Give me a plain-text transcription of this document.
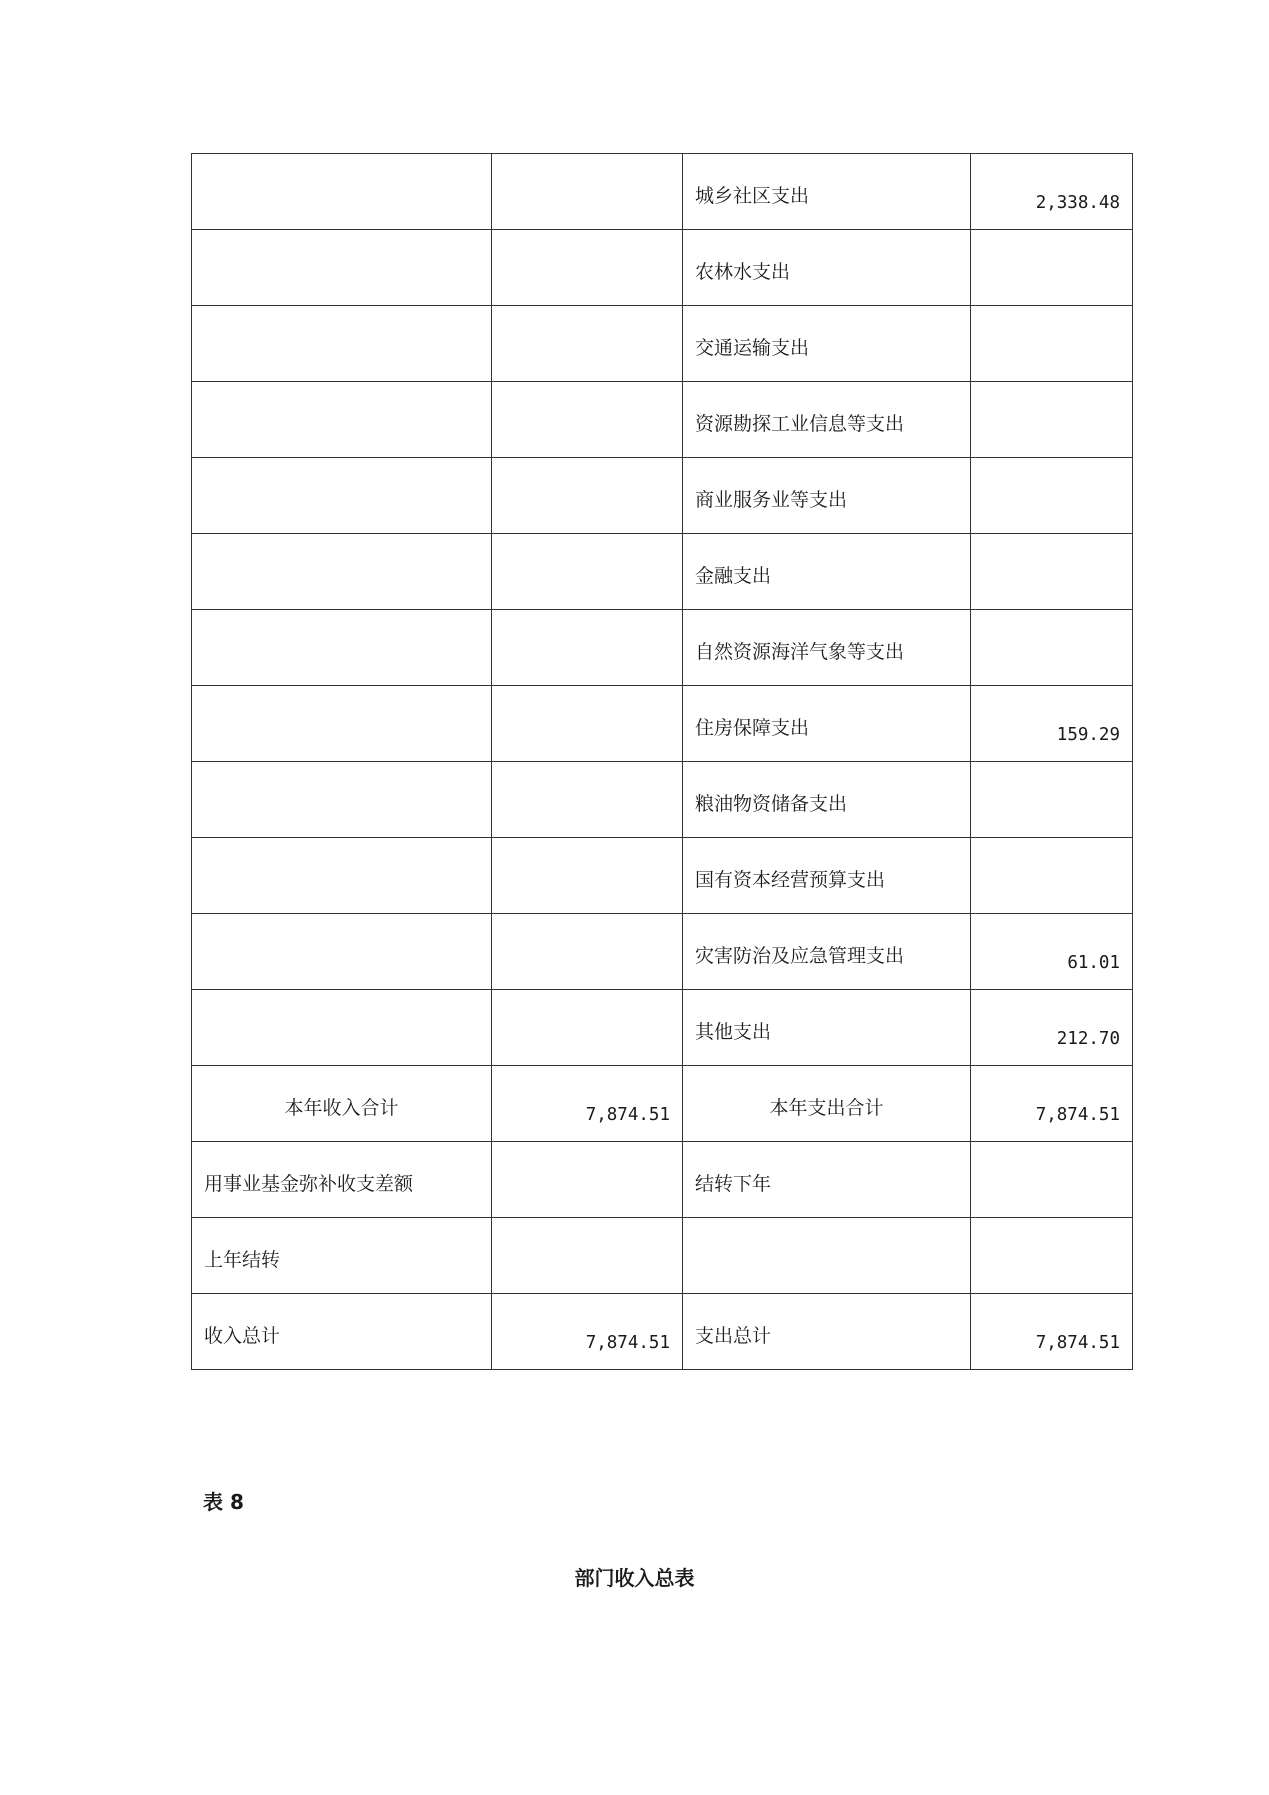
		城乡社区支出	2,338.48

		农林水支出	

		交通运输支出	

		资源勘探工业信息等支出	

		商业服务业等支出	

		金融支出	

		自然资源海洋气象等支出	

		住房保障支出	159.29

		粮油物资储备支出	

		国有资本经营预算支出	

		灾害防治及应急管理支出	61.01

		其他支出	212.70

本年收入合计	7,874.51	本年支出合计	7,874.51

用事业基金弥补收支差额		结转下年	

上年结转			

收入总计	7,874.51	支出总计	7,874.51
表 8
部门收入总表
